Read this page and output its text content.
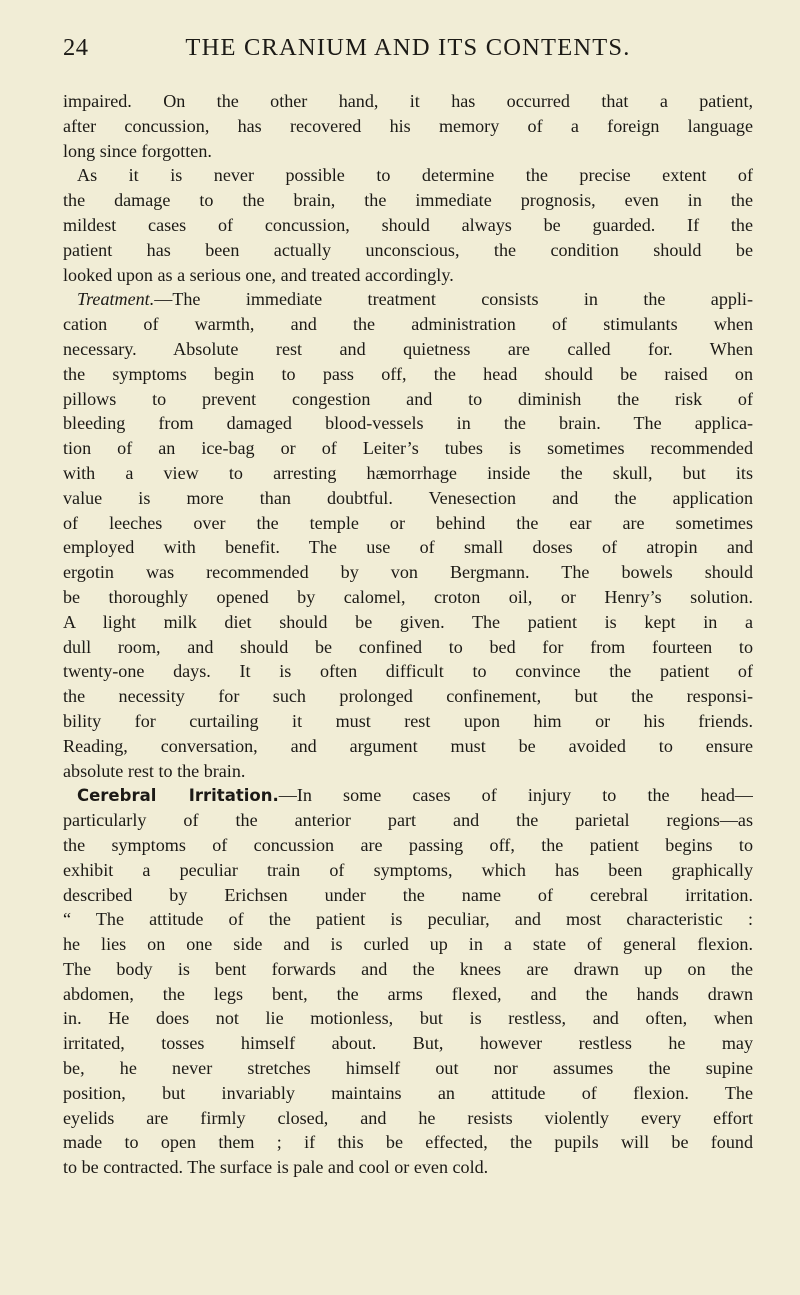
24	THE CRANIUM AND ITS CONTENTS.
impaired. On the other hand, it has occurred that a patient,
after concussion, has recovered his memory of a foreign language
long since forgotten.
As it is never possible to determine the precise extent of
the damage to the brain, the immediate prognosis, even in the
mildest cases of concussion, should always be guarded. If the
patient has been actually unconscious, the condition should be
looked upon as a serious one, and treated accordingly.
Treatment.—The immediate treatment consists in the appli-
cation of warmth, and the administration of stimulants when
necessary. Absolute rest and quietness are called for. When
the symptoms begin to pass off, the head should be raised on
pillows to prevent congestion and to diminish the risk of
bleeding from damaged blood-vessels in the brain. The applica-
tion of an ice-bag or of Leiter’s tubes is sometimes recommended
with a view to arresting hæmorrhage inside the skull, but its
value is more than doubtful. Venesection and the application
of leeches over the temple or behind the ear are sometimes
employed with benefit. The use of small doses of atropin and
ergotin was recommended by von Bergmann. The bowels should
be thoroughly opened by calomel, croton oil, or Henry’s solution.
A light milk diet should be given. The patient is kept in a
dull room, and should be confined to bed for from fourteen to
twenty-one days. It is often difficult to convince the patient of
the necessity for such prolonged confinement, but the responsi-
bility for curtailing it must rest upon him or his friends.
Reading, conversation, and argument must be avoided to ensure
absolute rest to the brain.
Cerebral Irritation.—In some cases of injury to the head—
particularly of the anterior part and the parietal regions—as
the symptoms of concussion are passing off, the patient begins to
exhibit a peculiar train of symptoms, which has been graphically
described by Erichsen under the name of cerebral irritation.
“ The attitude of the patient is peculiar, and most characteristic :
he lies on one side and is curled up in a state of general flexion.
The body is bent forwards and the knees are drawn up on the
abdomen, the legs bent, the arms flexed, and the hands drawn
in. He does not lie motionless, but is restless, and often, when
irritated, tosses himself about. But, however restless he may
be, he never stretches himself out nor assumes the supine
position, but invariably maintains an attitude of flexion. The
eyelids are firmly closed, and he resists violently every effort
made to open them ; if this be effected, the pupils will be found
to be contracted. The surface is pale and cool or even cold.
